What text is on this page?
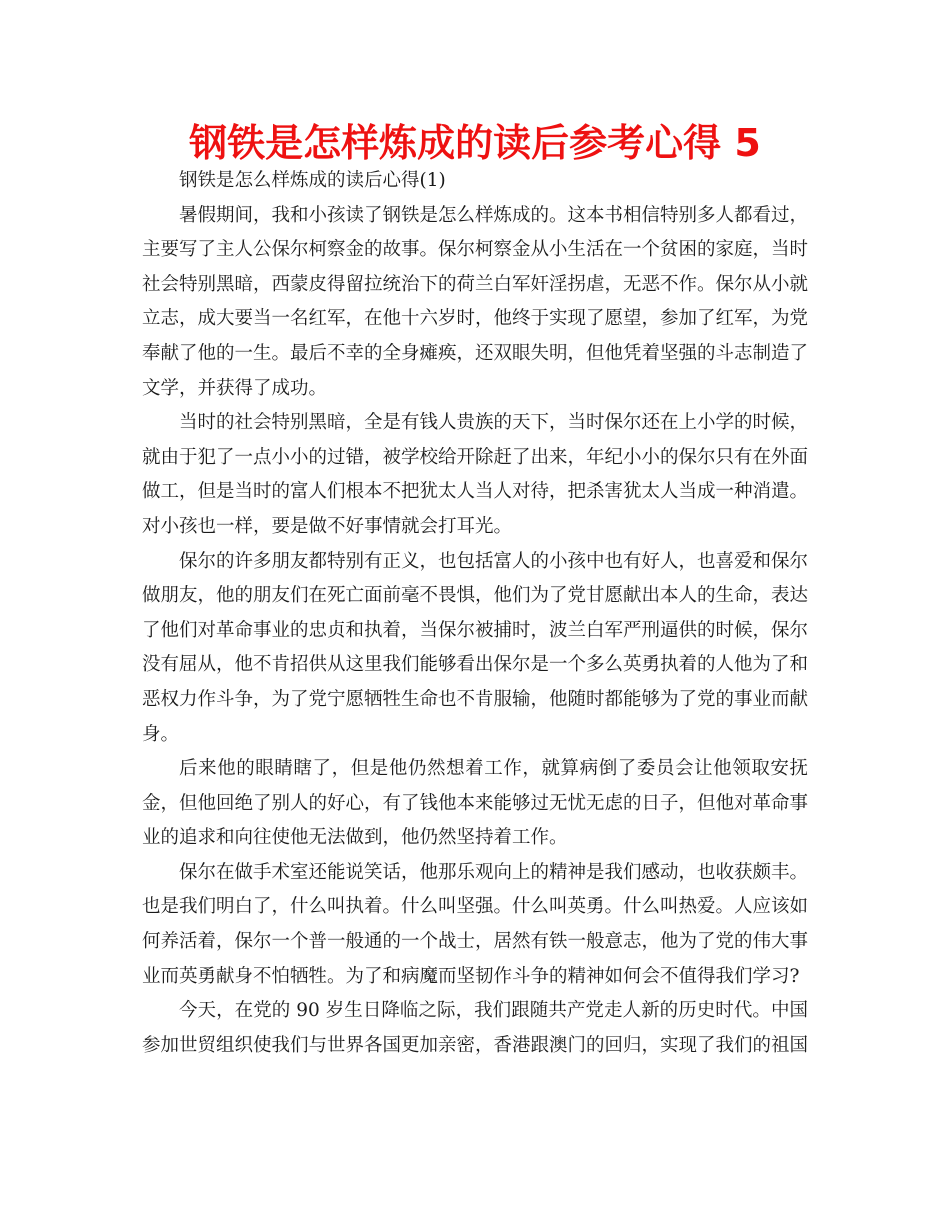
钢铁是怎样炼成的读后参考心得 5

钢铁是怎么样炼成的读后心得(1)

暑假期间，我和小孩读了钢铁是怎么样炼成的。这本书相信特别多人都看过，主要写了主人公保尔柯察金的故事。保尔柯察金从小生活在一个贫困的家庭，当时社会特别黑暗，西蒙皮得留拉统治下的荷兰白军奸淫拐虐，无恶不作。保尔从小就立志，成大要当一名红军，在他十六岁时，他终于实现了愿望，参加了红军，为党奉献了他的一生。最后不幸的全身瘫痪，还双眼失明，但他凭着坚强的斗志制造了文学，并获得了成功。

当时的社会特别黑暗，全是有钱人贵族的天下，当时保尔还在上小学的时候，就由于犯了一点小小的过错，被学校给开除赶了出来，年纪小小的保尔只有在外面做工，但是当时的富人们根本不把犹太人当人对待，把杀害犹太人当成一种消遣。对小孩也一样，要是做不好事情就会打耳光。

保尔的许多朋友都特别有正义，也包括富人的小孩中也有好人，也喜爱和保尔做朋友，他的朋友们在死亡面前毫不畏惧，他们为了党甘愿献出本人的生命，表达了他们对革命事业的忠贞和执着，当保尔被捕时，波兰白军严刑逼供的时候，保尔没有屈从，他不肯招供从这里我们能够看出保尔是一个多么英勇执着的人他为了和恶权力作斗争，为了党宁愿牺牲生命也不肯服输，他随时都能够为了党的事业而献身。

后来他的眼睛瞎了，但是他仍然想着工作，就算病倒了委员会让他领取安抚金，但他回绝了别人的好心，有了钱他本来能够过无忧无虑的日子，但他对革命事业的追求和向往使他无法做到，他仍然坚持着工作。

保尔在做手术室还能说笑话，他那乐观向上的精神是我们感动，也收获颇丰。也是我们明白了，什么叫执着。什么叫坚强。什么叫英勇。什么叫热爱。人应该如何养活着，保尔一个普一般通的一个战士，居然有铁一般意志，他为了党的伟大事业而英勇献身不怕牺牲。为了和病魔而坚韧作斗争的精神如何会不值得我们学习?

今天，在党的 90 岁生日降临之际，我们跟随共产党走人新的历史时代。中国参加世贸组织使我们与世界各国更加亲密，香港跟澳门的回归，实现了我们的祖国
